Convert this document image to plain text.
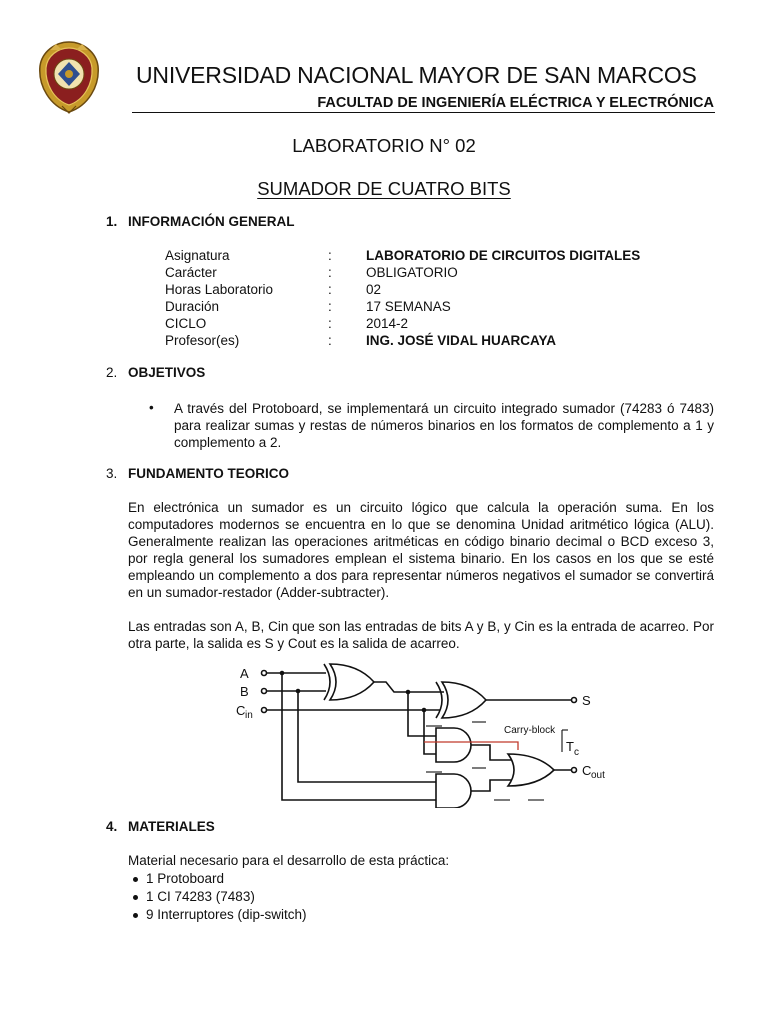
UNIVERSIDAD NACIONAL MAYOR DE SAN MARCOS
FACULTAD DE INGENIERÍA ELÉCTRICA Y ELECTRÓNICA
LABORATORIO N° 02
SUMADOR DE CUATRO BITS
1. INFORMACIÓN GENERAL
Asignatura	:	LABORATORIO DE CIRCUITOS DIGITALES
Carácter	:	OBLIGATORIO
Horas Laboratorio	:	02
Duración	:	17 SEMANAS
CICLO	:	2014-2
Profesor(es)	:	ING. JOSÉ VIDAL HUARCAYA
2. OBJETIVOS
• A través del Protoboard, se implementará un circuito integrado sumador (74283 ó 7483) para realizar sumas y restas de números binarios en los formatos de complemento a 1 y complemento a 2.
3. FUNDAMENTO TEORICO
En electrónica un sumador es un circuito lógico que calcula la operación suma. En los computadores modernos se encuentra en lo que se denomina Unidad aritmético lógica (ALU). Generalmente realizan las operaciones aritméticas en código binario decimal o BCD exceso 3, por regla general los sumadores emplean el sistema binario. En los casos en los que se esté empleando un complemento a dos para representar números negativos el sumador se convertirá en un sumador-restador (Adder-subtracter).
Las entradas son A, B, Cin que son las entradas de bits A y B, y Cin es la entrada de acarreo. Por otra parte, la salida es S y Cout es la salida de acarreo.
A
B
C in
S
Carry-block
T c
C out
4. MATERIALES
Material necesario para el desarrollo de esta práctica:
1 Protoboard
1 CI 74283 (7483)
9 Interruptores (dip-switch)
